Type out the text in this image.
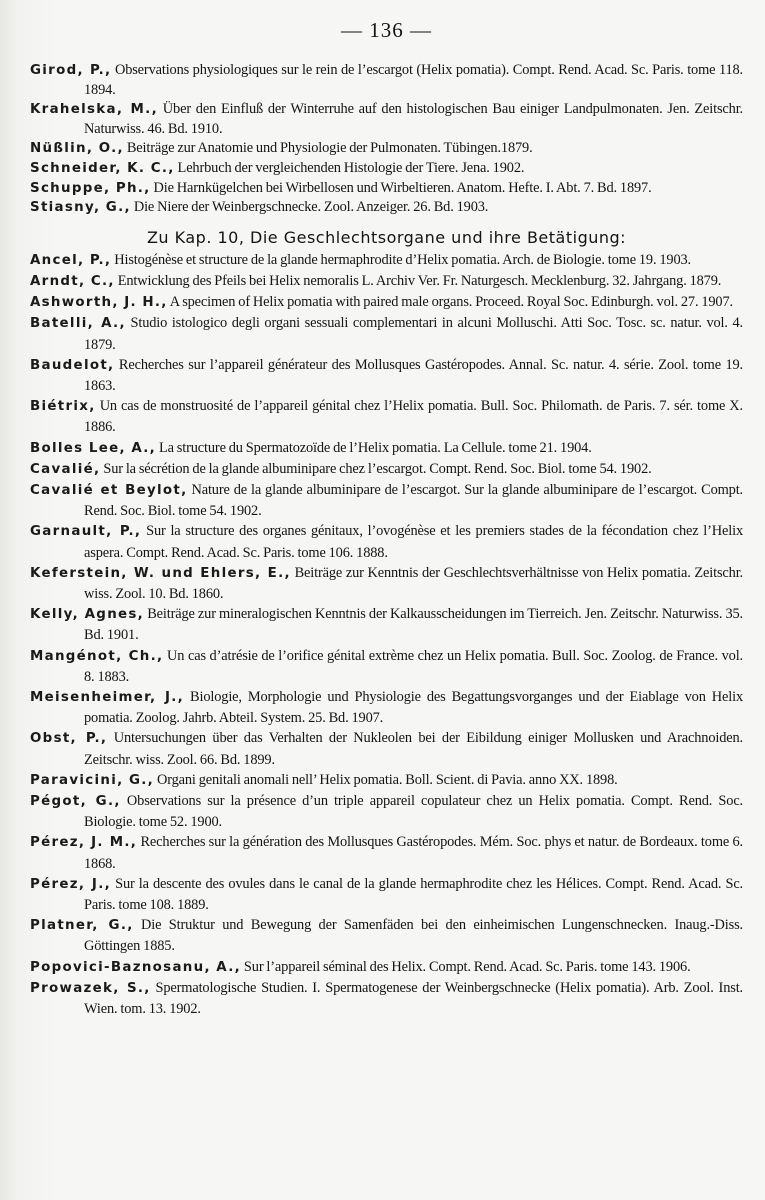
— 136 —

Girod, P., Observations physiologiques sur le rein de l’escargot (Helix pomatia). Compt. Rend. Acad. Sc. Paris. tome 118. 1894.

Krahelska, M., Über den Einfluß der Winterruhe auf den histologischen Bau einiger Landpulmonaten. Jen. Zeitschr. Naturwiss. 46. Bd. 1910.

Nüßlin, O., Beiträge zur Anatomie und Physiologie der Pulmonaten. Tübingen.1879.

Schneider, K. C., Lehrbuch der vergleichenden Histologie der Tiere. Jena. 1902.

Schuppe, Ph., Die Harnkügelchen bei Wirbellosen und Wirbeltieren. Anatom. Hefte. I. Abt. 7. Bd. 1897.

Stiasny, G., Die Niere der Weinbergschnecke. Zool. Anzeiger. 26. Bd. 1903.

Zu Kap. 10, Die Geschlechtsorgane und ihre Betätigung:

Ancel, P., Histogénèse et structure de la glande hermaphrodite d’Helix pomatia. Arch. de Biologie. tome 19. 1903.

Arndt, C., Entwicklung des Pfeils bei Helix nemoralis L. Archiv Ver. Fr. Naturgesch. Mecklenburg. 32. Jahrgang. 1879.

Ashworth, J. H., A specimen of Helix pomatia with paired male organs. Proceed. Royal Soc. Edinburgh. vol. 27. 1907.

Batelli, A., Studio istologico degli organi sessuali complementari in alcuni Molluschi. Atti Soc. Tosc. sc. natur. vol. 4. 1879.

Baudelot, Recherches sur l’appareil générateur des Mollusques Gastéropodes. Annal. Sc. natur. 4. série. Zool. tome 19. 1863.

Biétrix, Un cas de monstruosité de l’appareil génital chez l’Helix pomatia. Bull. Soc. Philomath. de Paris. 7. sér. tome X. 1886.

Bolles Lee, A., La structure du Spermatozoïde de l’Helix pomatia. La Cellule. tome 21. 1904.

Cavalié, Sur la sécrétion de la glande albuminipare chez l’escargot. Compt. Rend. Soc. Biol. tome 54. 1902.

Cavalié et Beylot, Nature de la glande albuminipare de l’escargot. Sur la glande albuminipare de l’escargot. Compt. Rend. Soc. Biol. tome 54. 1902.

Garnault, P., Sur la structure des organes génitaux, l’ovogénèse et les premiers stades de la fécondation chez l’Helix aspera. Compt. Rend. Acad. Sc. Paris. tome 106. 1888.

Keferstein, W. und Ehlers, E., Beiträge zur Kenntnis der Geschlechtsverhältnisse von Helix pomatia. Zeitschr. wiss. Zool. 10. Bd. 1860.

Kelly, Agnes, Beiträge zur mineralogischen Kenntnis der Kalkausscheidungen im Tierreich. Jen. Zeitschr. Naturwiss. 35. Bd. 1901.

Mangénot, Ch., Un cas d’atrésie de l’orifice génital extrème chez un Helix pomatia. Bull. Soc. Zoolog. de France. vol. 8. 1883.

Meisenheimer, J., Biologie, Morphologie und Physiologie des Begattungsvorganges und der Eiablage von Helix pomatia. Zoolog. Jahrb. Abteil. System. 25. Bd. 1907.

Obst, P., Untersuchungen über das Verhalten der Nukleolen bei der Eibildung einiger Mollusken und Arachnoiden. Zeitschr. wiss. Zool. 66. Bd. 1899.

Paravicini, G., Organi genitali anomali nell’ Helix pomatia. Boll. Scient. di Pavia. anno XX. 1898.

Pégot, G., Observations sur la présence d’un triple appareil copulateur chez un Helix pomatia. Compt. Rend. Soc. Biologie. tome 52. 1900.

Pérez, J. M., Recherches sur la génération des Mollusques Gastéropodes. Mém. Soc. phys et natur. de Bordeaux. tome 6. 1868.

Pérez, J., Sur la descente des ovules dans le canal de la glande hermaphrodite chez les Hélices. Compt. Rend. Acad. Sc. Paris. tome 108. 1889.

Platner, G., Die Struktur und Bewegung der Samenfäden bei den einheimischen Lungenschnecken. Inaug.-Diss. Göttingen 1885.

Popovici-Baznosanu, A., Sur l’appareil séminal des Helix. Compt. Rend. Acad. Sc. Paris. tome 143. 1906.

Prowazek, S., Spermatologische Studien. I. Spermatogenese der Weinbergschnecke (Helix pomatia). Arb. Zool. Inst. Wien. tom. 13. 1902.
